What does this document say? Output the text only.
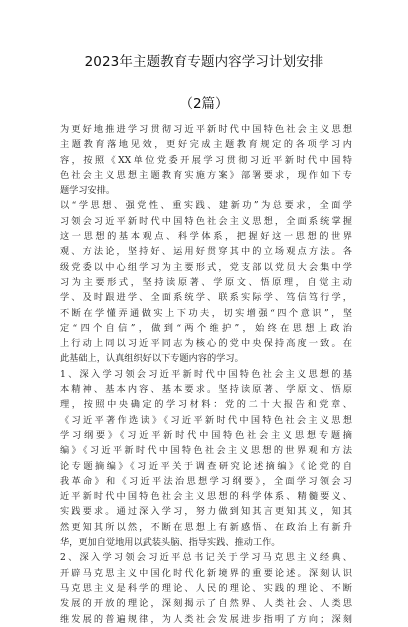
2023年主题教育专题内容学习计划安排
（2篇）
为更好地推进学习贯彻习近平新时代中国特色社会主义思想
主题教育落地见效，更好完成主题教育规定的各项学习内
容，按照《XX单位党委开展学习贯彻习近平新时代中国特
色社会主义思想主题教育实施方案》部署要求，现作如下专
题学习安排。
以“学思想、强党性、重实践、建新功”为总要求，全面学
习领会习近平新时代中国特色社会主义思想，全面系统掌握
这一思想的基本观点、科学体系，把握好这一思想的世界
观、方法论，坚持好、运用好贯穿其中的立场观点方法。各
级党委以中心组学习为主要形式，党支部以党员大会集中学
习为主要形式，坚持读原著、学原文、悟原理，自觉主动
学、及时跟进学、全面系统学、联系实际学、笃信笃行学，
不断在学懂弄通做实上下功夫，切实增强“四个意识”，坚
定“四个自信”，做到“两个维护”，始终在思想上政治
上行动上同以习近平同志为核心的党中央保持高度一致。在
此基础上，认真组织好以下专题内容的学习。
1、深入学习领会习近平新时代中国特色社会主义思想的基
本精神、基本内容、基本要求。坚持读原著、学原文、悟原
理，按照中央确定的学习材料：党的二十大报告和党章、
《习近平著作选读》《习近平新时代中国特色社会主义思想
学习纲要》《习近平新时代中国特色社会主义思想专题摘
编》《习近平新时代中国特色社会主义思想的世界观和方法
论专题摘编》《习近平关于调查研究论述摘编》《论党的自
我革命》和《习近平法治思想学习纲要》，全面学习领会习
近平新时代中国特色社会主义思想的科学体系、精髓要义、
实践要求。通过深入学习，努力做到知其言更知其义，知其
然更知其所以然，不断在思想上有新感悟、在政治上有新升
华，更加自觉地用以武装头脑、指导实践、推动工作。
2、深入学习领会习近平总书记关于学习马克思主义经典、
开辟马克思主义中国化时代化新境界的重要论述。深刻认识
马克思主义是科学的理论、人民的理论、实践的理论、不断
发展的开放的理论，深刻揭示了自然界、人类社会、人类思
维发展的普遍规律，为人类社会发展进步指明了方向；深刻
